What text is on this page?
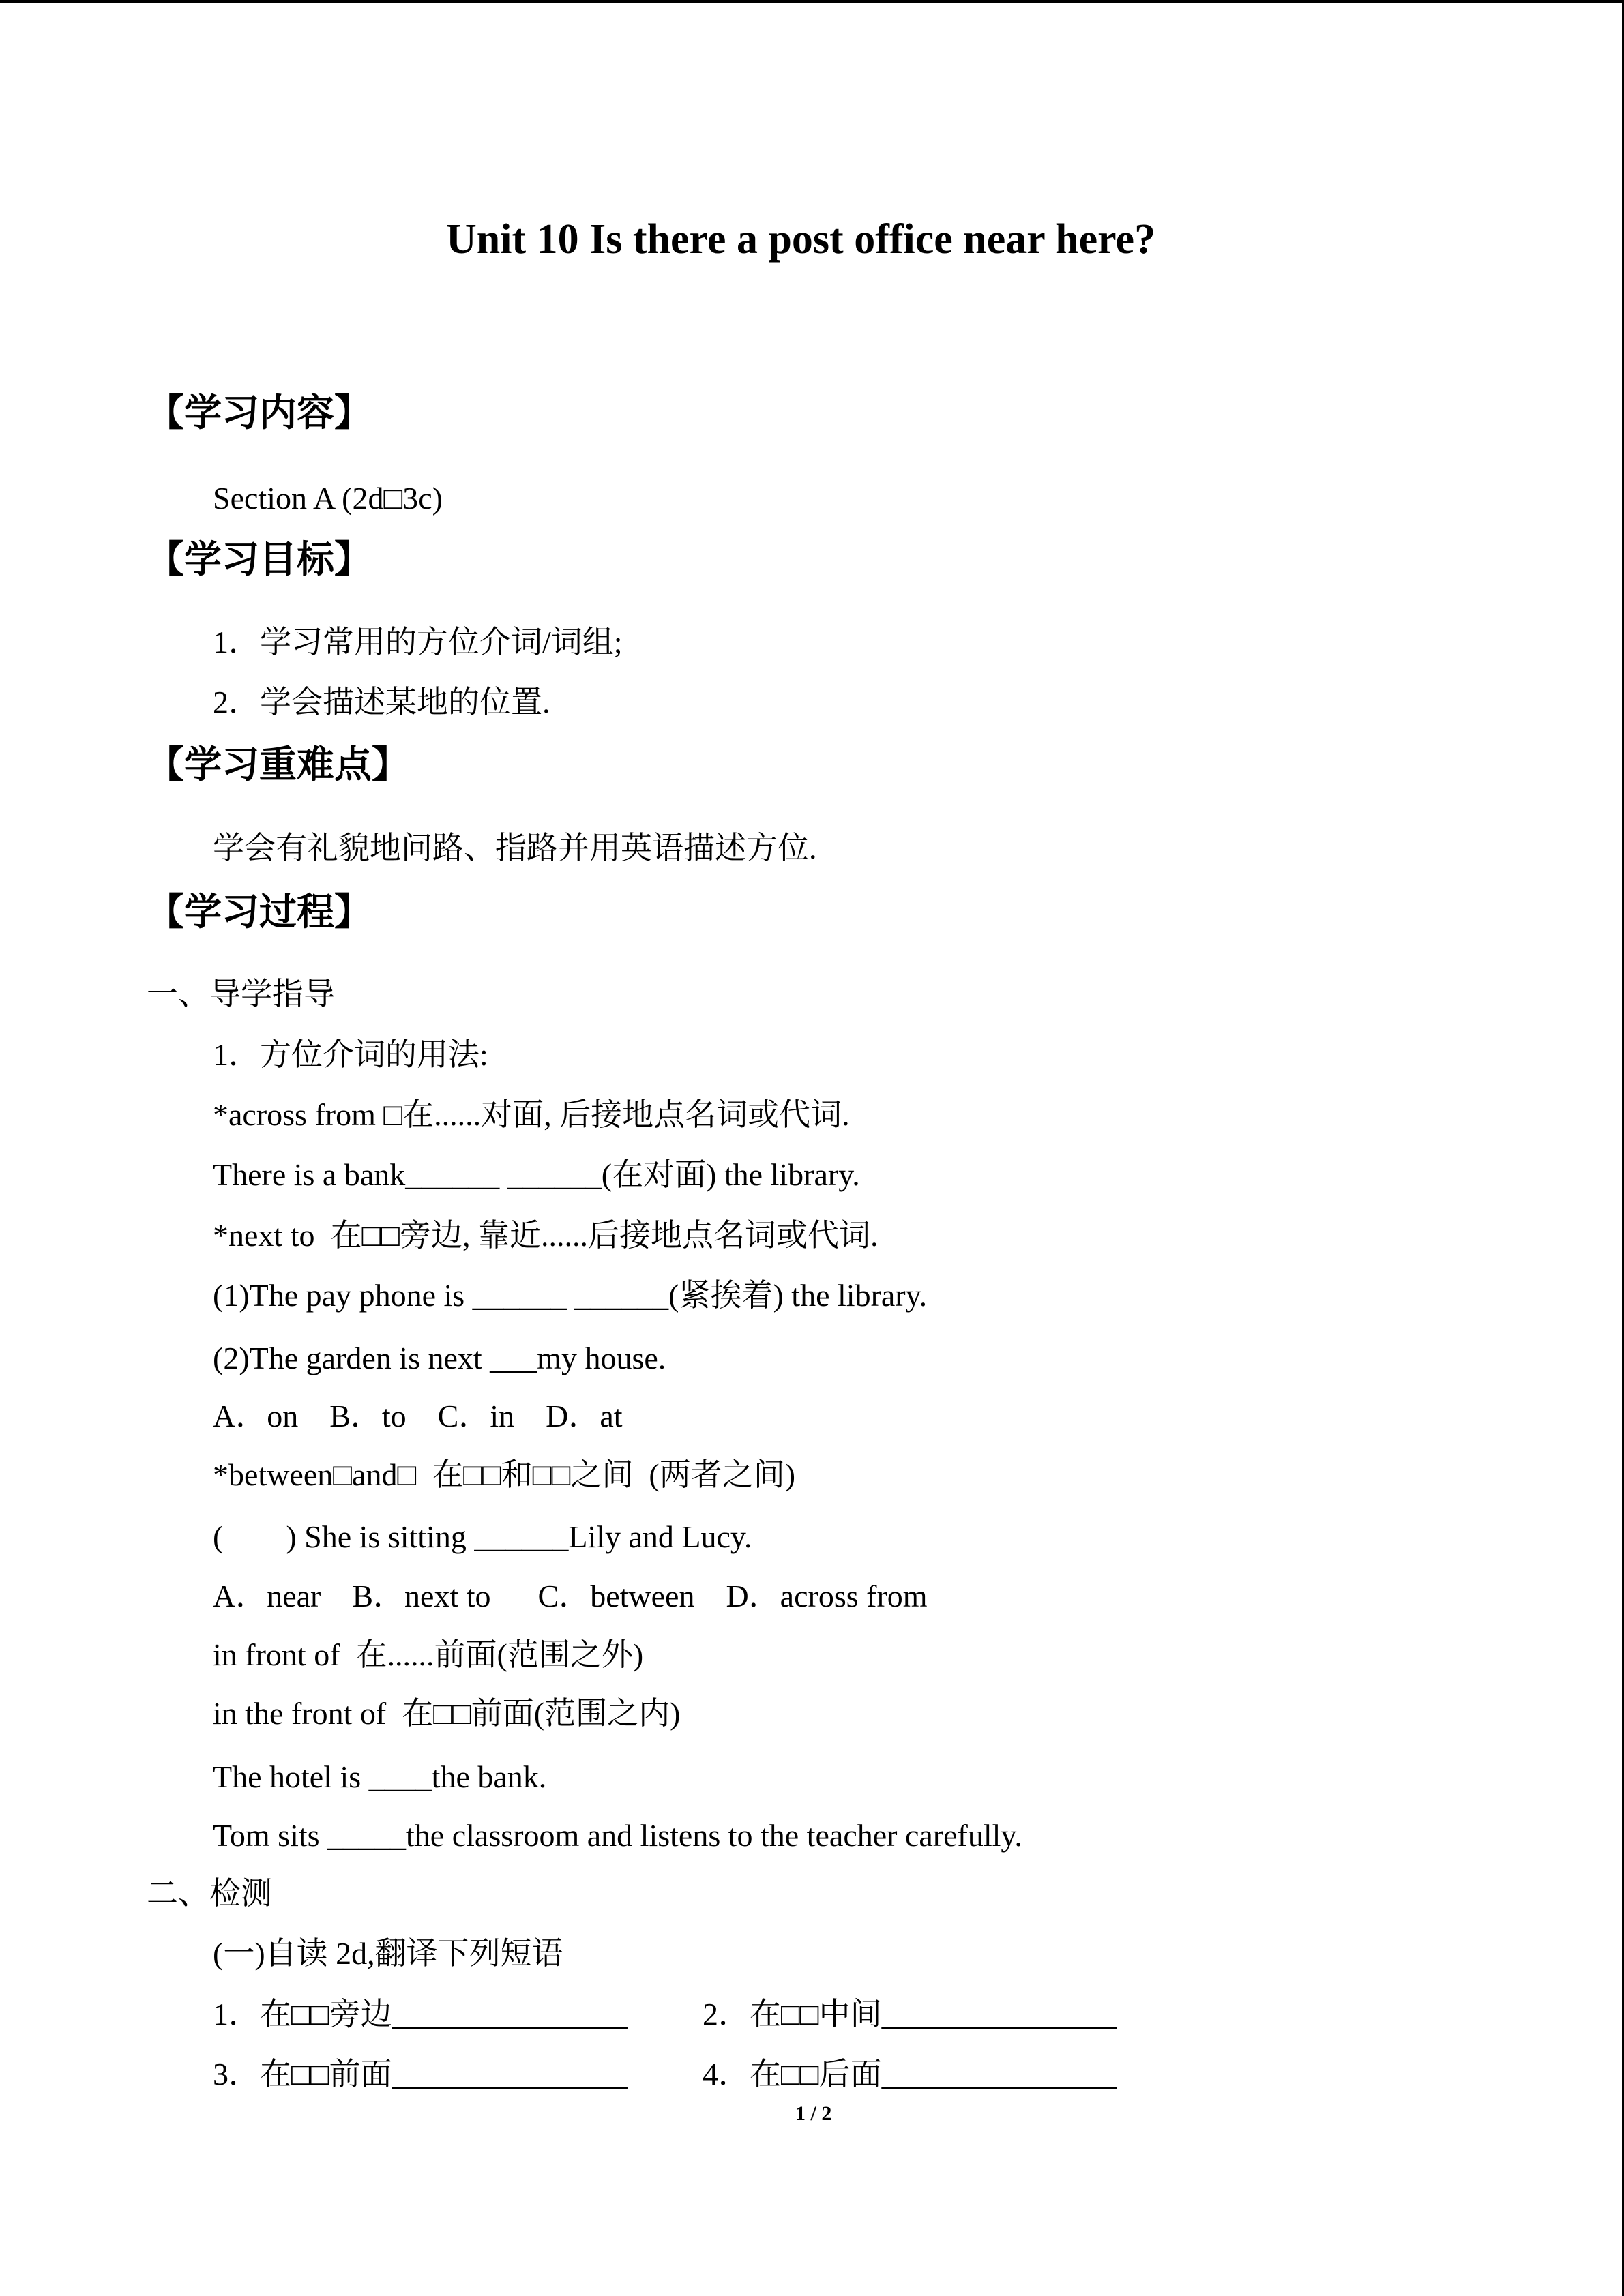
Unit 10 Is there a post office near here?
【学习内容】
Section A (2d□3c)
【学习目标】
1．学习常用的方位介词/词组;
2．学会描述某地的位置.
【学习重难点】
学会有礼貌地问路、指路并用英语描述方位.
【学习过程】
一、导学指导
1．方位介词的用法:
*across from □在......对面, 后接地点名词或代词.
There is a bank______ ______(在对面) the library.
*next to  在□□旁边, 靠近......后接地点名词或代词.
(1)The pay phone is ______ ______(紧挨着) the library.
(2)The garden is next ___my house.
A．on    B．to    C．in    D．at
*between□and□  在□□和□□之间  (两者之间)
(        ) She is sitting ______Lily and Lucy.
A．near    B．next to      C．between    D．across from
in front of  在......前面(范围之外)
in the front of  在□□前面(范围之内)
The hotel is ____the bank.
Tom sits _____the classroom and listens to the teacher carefully.
二、检测
(一)自读 2d,翻译下列短语
1．在□□旁边_______________ 2．在□□中间_______________
3．在□□前面_______________ 4．在□□后面_______________
1 / 2
